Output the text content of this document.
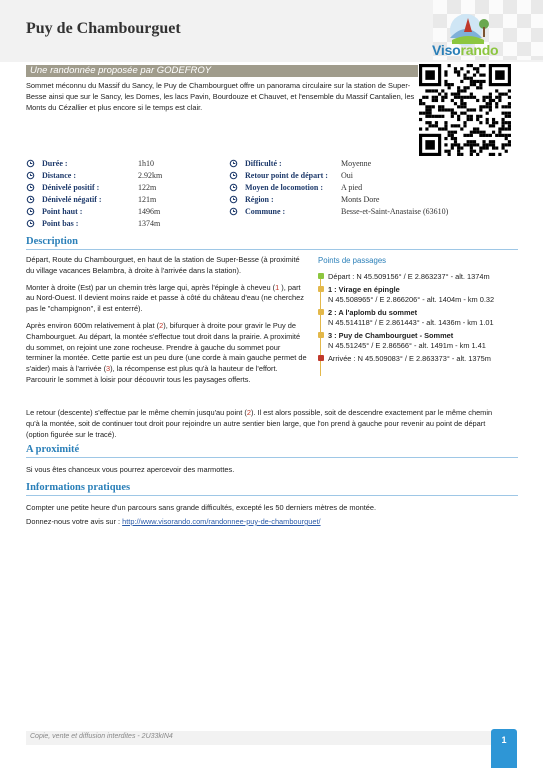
Puy de Chambourguet
Visorando
Une randonnée proposée par GODEFROY
Sommet méconnu du Massif du Sancy, le Puy de Chambourguet offre un panorama circulaire sur la station de Super-Besse ainsi que sur le Sancy, les Domes, les lacs Pavin, Bourdouze et Chauvet, et l'ensemble du Massif Cantalien, les Monts du Cézallier et plus encore si le temps est clair.
Durée :	1h10
Distance :	2.92km
Dénivelé positif :	122m
Dénivelé négatif :	121m
Point haut :	1496m
Point bas :	1374m
Difficulté :	Moyenne
Retour point de départ : Oui
Moyen de locomotion : A pied
Région :	Monts Dore
Commune :	Besse-et-Saint-Anastaise (63610)
Description

Départ, Route du Chambourguet, en haut de la station de Super-Besse (à proximité du village vacances Belambra, à droite à l'arrivée dans la station).

Monter à droite (Est) par un chemin très large qui, après l'épingle à cheveu (1 ), part au Nord-Ouest. Il devient moins raide et passe à côté du château d'eau (ne cherchez pas le "champignon", il est enterré).

Après environ 600m relativement à plat (2), bifurquer à droite pour gravir le Puy de Chambourguet. Au départ, la montée s'effectue tout droit dans la prairie. A proximité du sommet, on rejoint une zone rocheuse. Prendre à gauche du sommet pour terminer la montée. Cette partie est un peu dure (une corde à main gauche permet de s'aider) mais à l'arrivée (3), la récompense est plus qu'à la hauteur de l'effort. Parcourir le sommet à loisir pour découvrir tous les paysages offerts.

Points de passages
Départ : N 45.509156° / E 2.863237° - alt. 1374m
1 : Virage en épingle
N 45.508965° / E 2.866206° - alt. 1404m - km 0.32
2 : A l'aplomb du sommet
N 45.514118° / E 2.861443° - alt. 1436m - km 1.01
3 : Puy de Chambourguet - Sommet
N 45.51245° / E 2.86566° - alt. 1491m - km 1.41
Arrivée : N 45.509083° / E 2.863373° - alt. 1375m
Le retour (descente) s'effectue par le même chemin jusqu'au point (2). Il est alors possible, soit de descendre exactement par le même chemin qu'à la montée, soit de continuer tout droit pour rejoindre un autre sentier bien large, que l'on prend à gauche pour revenir au point de départ (option figurée sur le tracé).
A proximité
Si vous êtes chanceux vous pourrez apercevoir des marmottes.
Informations pratiques
Compter une petite heure d'un parcours sans grande difficultés, excepté les 50 derniers mètres de montée.
Donnez-nous votre avis sur : http://www.visorando.com/randonnee-puy-de-chambourguet/
Copie, vente et diffusion interdites - 2U33kIN4	1
